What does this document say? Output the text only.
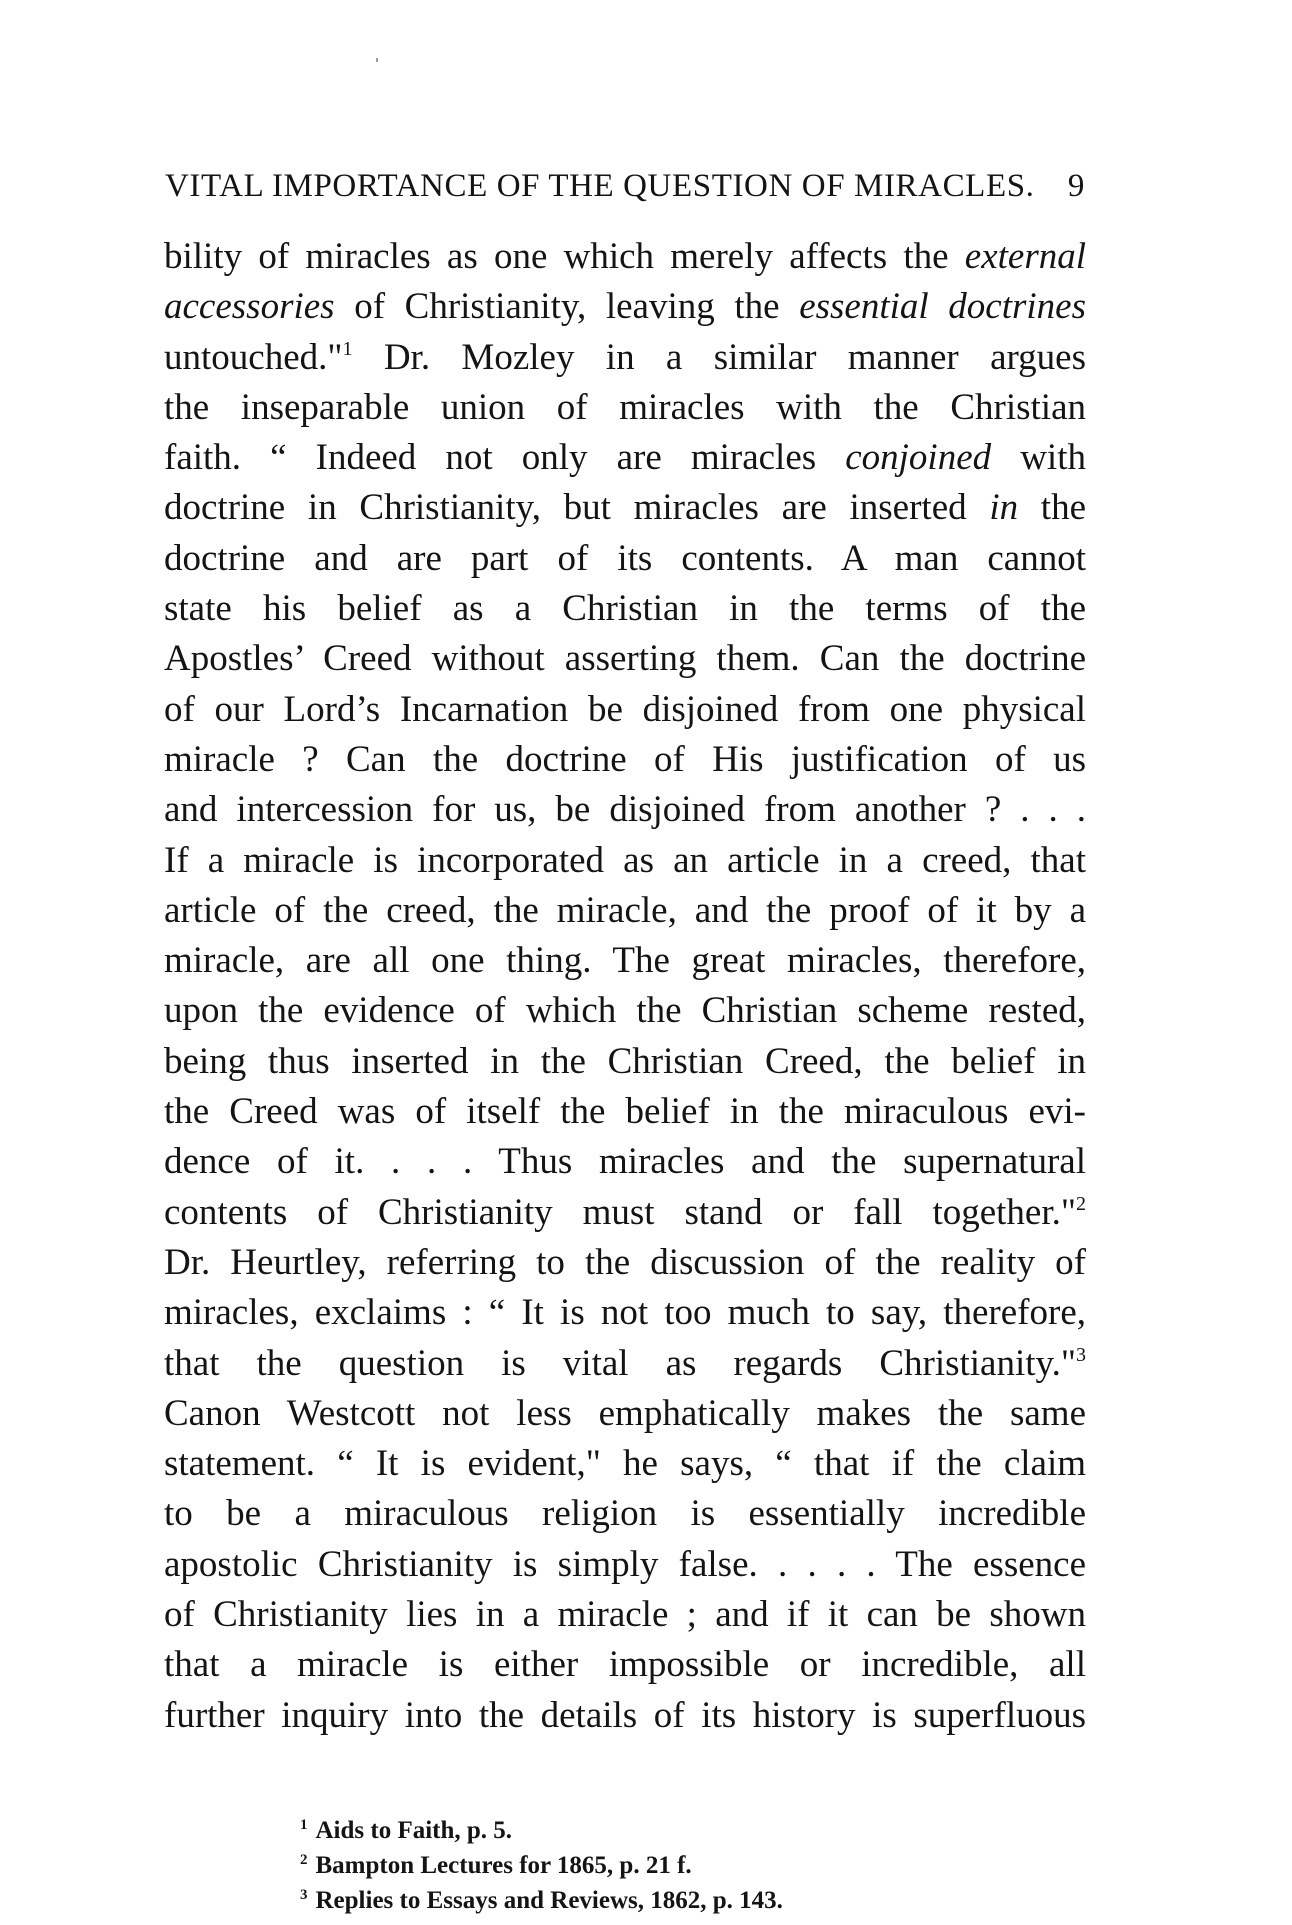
VITAL IMPORTANCE OF THE QUESTION OF MIRACLES. 9
bility of miracles as one which merely affects the external
accessories of Christianity, leaving the essential doctrines
untouched."$^1$ Dr. Mozley in a similar manner argues
the inseparable union of miracles with the Christian
faith. “ Indeed not only are miracles conjoined with
doctrine in Christianity, but miracles are inserted in the
doctrine and are part of its contents. A man cannot
state his belief as a Christian in the terms of the
Apostles’ Creed without asserting them. Can the doctrine
of our Lord’s Incarnation be disjoined from one physical
miracle ? Can the doctrine of His justification of us
and intercession for us, be disjoined from another ? . . .
If a miracle is incorporated as an article in a creed, that
article of the creed, the miracle, and the proof of it by a
miracle, are all one thing. The great miracles, therefore,
upon the evidence of which the Christian scheme rested,
being thus inserted in the Christian Creed, the belief in
the Creed was of itself the belief in the miraculous evi-
dence of it. . . . Thus miracles and the supernatural
contents of Christianity must stand or fall together."$^2$
Dr. Heurtley, referring to the discussion of the reality of
miracles, exclaims : “ It is not too much to say, therefore,
that the question is vital as regards Christianity."$^3$
Canon Westcott not less emphatically makes the same
statement. “ It is evident," he says, “ that if the claim
to be a miraculous religion is essentially incredible
apostolic Christianity is simply false. . . . . The essence
of Christianity lies in a miracle ; and if it can be shown
that a miracle is either impossible or incredible, all
further inquiry into the details of its history is superfluous
$^1$ Aids to Faith, p. 5.
$^2$ Bampton Lectures for 1865, p. 21 f.
$^3$ Replies to Essays and Reviews, 1862, p. 143.
